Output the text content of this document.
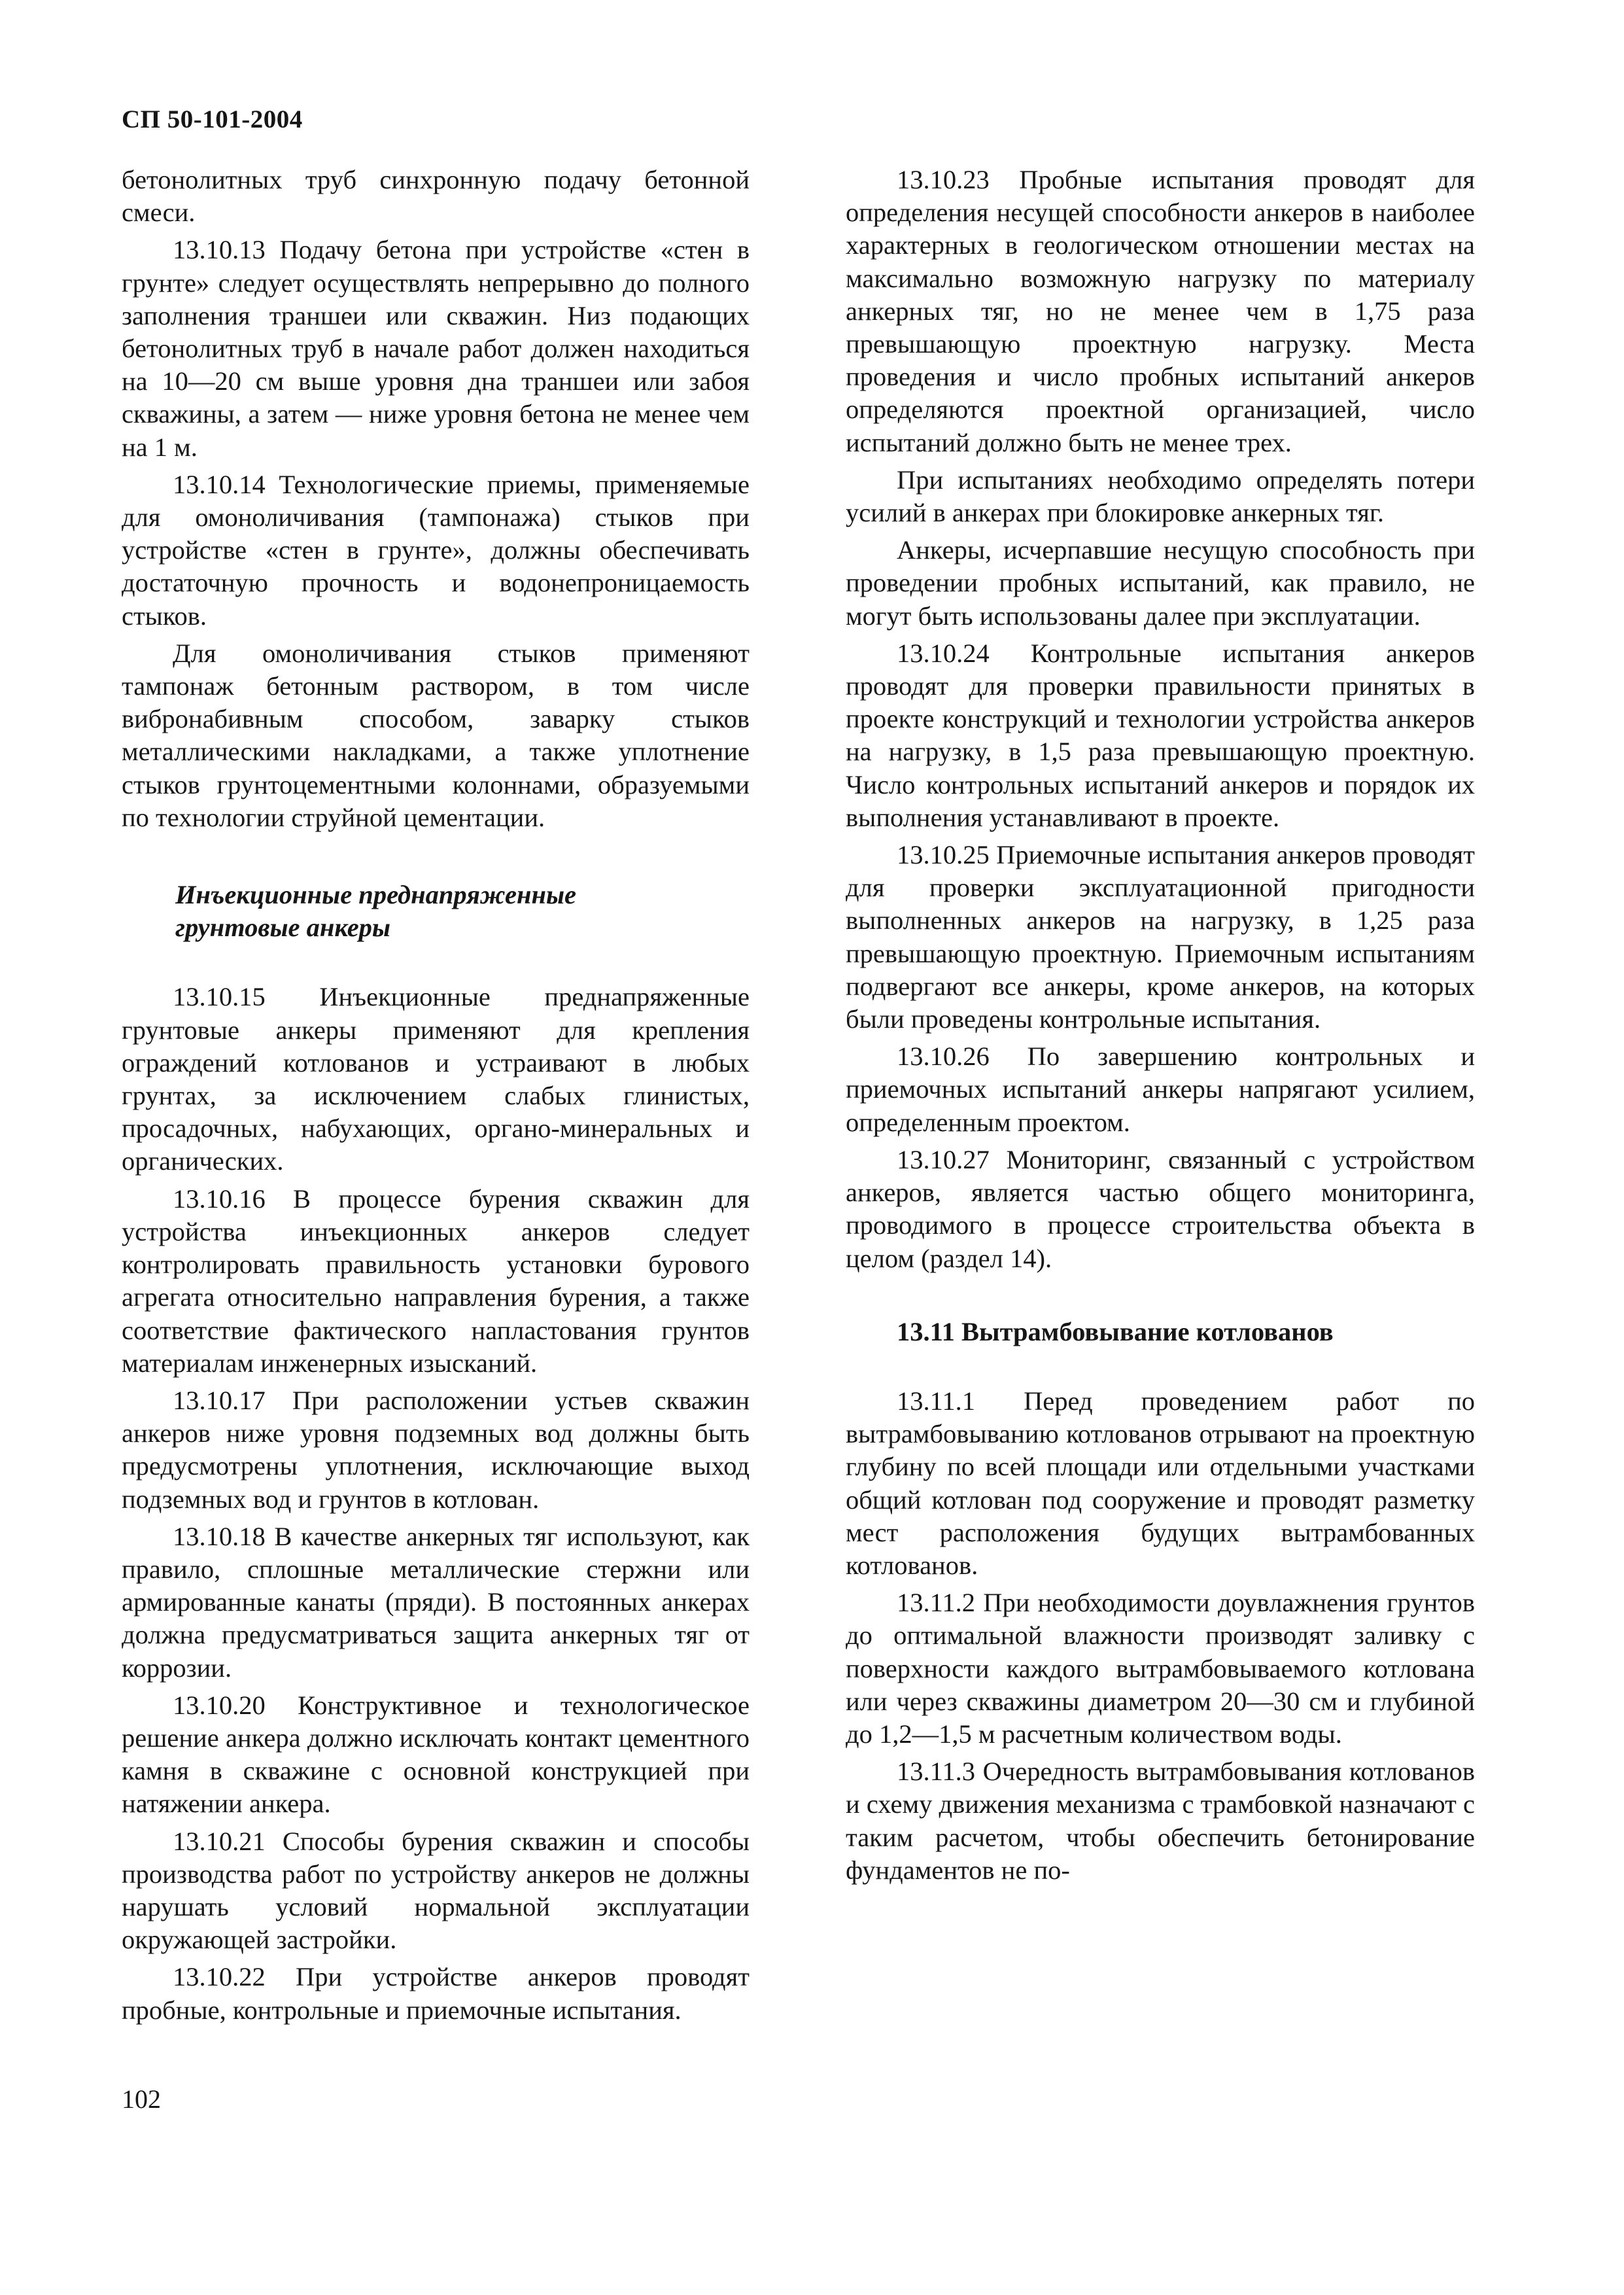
СП 50-101-2004

бетонолитных труб синхронную подачу бетонной смеси.

13.10.13 Подачу бетона при устройстве «стен в грунте» следует осуществлять непрерывно до полного заполнения траншеи или скважин. Низ подающих бетонолитных труб в начале работ должен находиться на 10—20 см выше уровня дна траншеи или забоя скважины, а затем — ниже уровня бетона не менее чем на 1 м.

13.10.14 Технологические приемы, применяемые для омоноличивания (тампонажа) стыков при устройстве «стен в грунте», должны обеспечивать достаточную прочность и водонепроницаемость стыков.

Для омоноличивания стыков применяют тампонаж бетонным раствором, в том числе вибронабивным способом, заварку стыков металлическими накладками, а также уплотнение стыков грунтоцементными колоннами, образуемыми по технологии струйной цементации.

Инъекционные преднапряженные
грунтовые анкеры

13.10.15 Инъекционные преднапряженные грунтовые анкеры применяют для крепления ограждений котлованов и устраивают в любых грунтах, за исключением слабых глинистых, просадочных, набухающих, органо-минеральных и органических.

13.10.16 В процессе бурения скважин для устройства инъекционных анкеров следует контролировать правильность установки бурового агрегата относительно направления бурения, а также соответствие фактического напластования грунтов материалам инженерных изысканий.

13.10.17 При расположении устьев скважин анкеров ниже уровня подземных вод должны быть предусмотрены уплотнения, исключающие выход подземных вод и грунтов в котлован.

13.10.18 В качестве анкерных тяг используют, как правило, сплошные металлические стержни или армированные канаты (пряди). В постоянных анкерах должна предусматриваться защита анкерных тяг от коррозии.

13.10.20 Конструктивное и технологическое решение анкера должно исключать контакт цементного камня в скважине с основной конструкцией при натяжении анкера.

13.10.21 Способы бурения скважин и способы производства работ по устройству анкеров не должны нарушать условий нормальной эксплуатации окружающей застройки.

13.10.22 При устройстве анкеров проводят пробные, контрольные и приемочные испытания.

13.10.23 Пробные испытания проводят для определения несущей способности анкеров в наиболее характерных в геологическом отношении местах на максимально возможную нагрузку по материалу анкерных тяг, но не менее чем в 1,75 раза превышающую проектную нагрузку. Места проведения и число пробных испытаний анкеров определяются проектной организацией, число испытаний должно быть не менее трех.

При испытаниях необходимо определять потери усилий в анкерах при блокировке анкерных тяг.

Анкеры, исчерпавшие несущую способность при проведении пробных испытаний, как правило, не могут быть использованы далее при эксплуатации.

13.10.24 Контрольные испытания анкеров проводят для проверки правильности принятых в проекте конструкций и технологии устройства анкеров на нагрузку, в 1,5 раза превышающую проектную. Число контрольных испытаний анкеров и порядок их выполнения устанавливают в проекте.

13.10.25 Приемочные испытания анкеров проводят для проверки эксплуатационной пригодности выполненных анкеров на нагрузку, в 1,25 раза превышающую проектную. Приемочным испытаниям подвергают все анкеры, кроме анкеров, на которых были проведены контрольные испытания.

13.10.26 По завершению контрольных и приемочных испытаний анкеры напрягают усилием, определенным проектом.

13.10.27 Мониторинг, связанный с устройством анкеров, является частью общего мониторинга, проводимого в процессе строительства объекта в целом (раздел 14).

13.11 Вытрамбовывание котлованов

13.11.1 Перед проведением работ по вытрамбовыванию котлованов отрывают на проектную глубину по всей площади или отдельными участками общий котлован под сооружение и проводят разметку мест расположения будущих вытрамбованных котлованов.

13.11.2 При необходимости доувлажнения грунтов до оптимальной влажности производят заливку с поверхности каждого вытрамбовываемого котлована или через скважины диаметром 20—30 см и глубиной до 1,2—1,5 м расчетным количеством воды.

13.11.3 Очередность вытрамбовывания котлованов и схему движения механизма с трамбовкой назначают с таким расчетом, чтобы обеспечить бетонирование фундаментов не по-

102
